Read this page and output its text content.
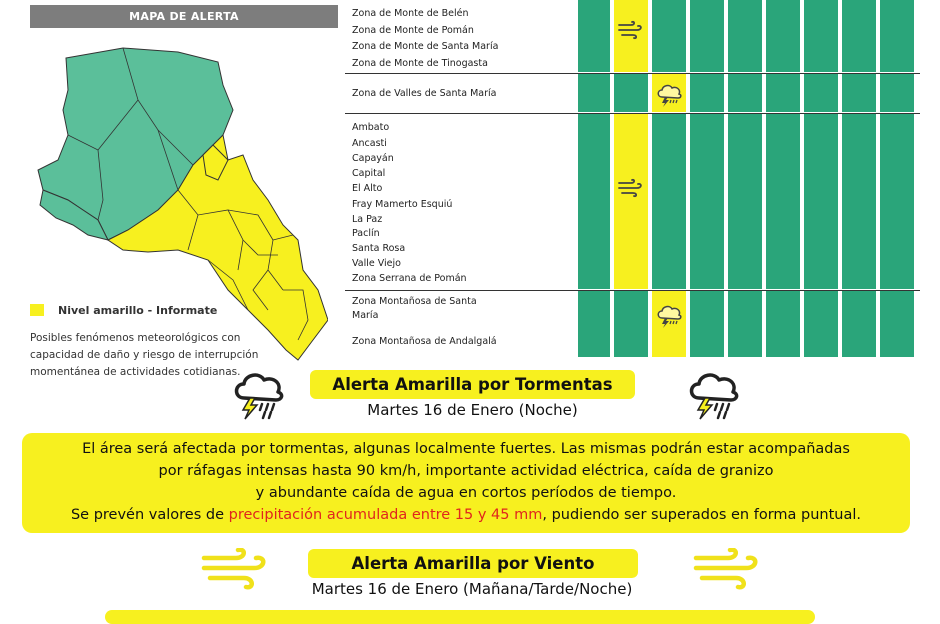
MAPA DE ALERTA
Nivel amarillo - Informate
Posibles fenómenos meteorológicos con capacidad de daño y riesgo de interrupción momentánea de actividades cotidianas.
Zona de Monte de Belén
Zona de Monte de Pomán
Zona de Monte de Santa María
Zona de Monte de Tinogasta
Zona de Valles de Santa María
Ambato
Ancasti
Capayán
Capital
El Alto
Fray Mamerto Esquiú
La Paz
Paclín
Santa Rosa
Valle Viejo
Zona Serrana de Pomán
Zona Montañosa de Santa
María
Zona Montañosa de Andalgalá
Alerta Amarilla por Tormentas
Martes 16 de Enero (Noche)
El área será afectada por tormentas, algunas localmente fuertes. Las mismas podrán estar acompañadas
por ráfagas intensas hasta 90 km/h, importante actividad eléctrica, caída de granizo
y abundante caída de agua en cortos períodos de tiempo.
Se prevén valores de precipitación acumulada entre 15 y 45 mm, pudiendo ser superados en forma puntual.
Alerta Amarilla por Viento
Martes 16 de Enero (Mañana/Tarde/Noche)
